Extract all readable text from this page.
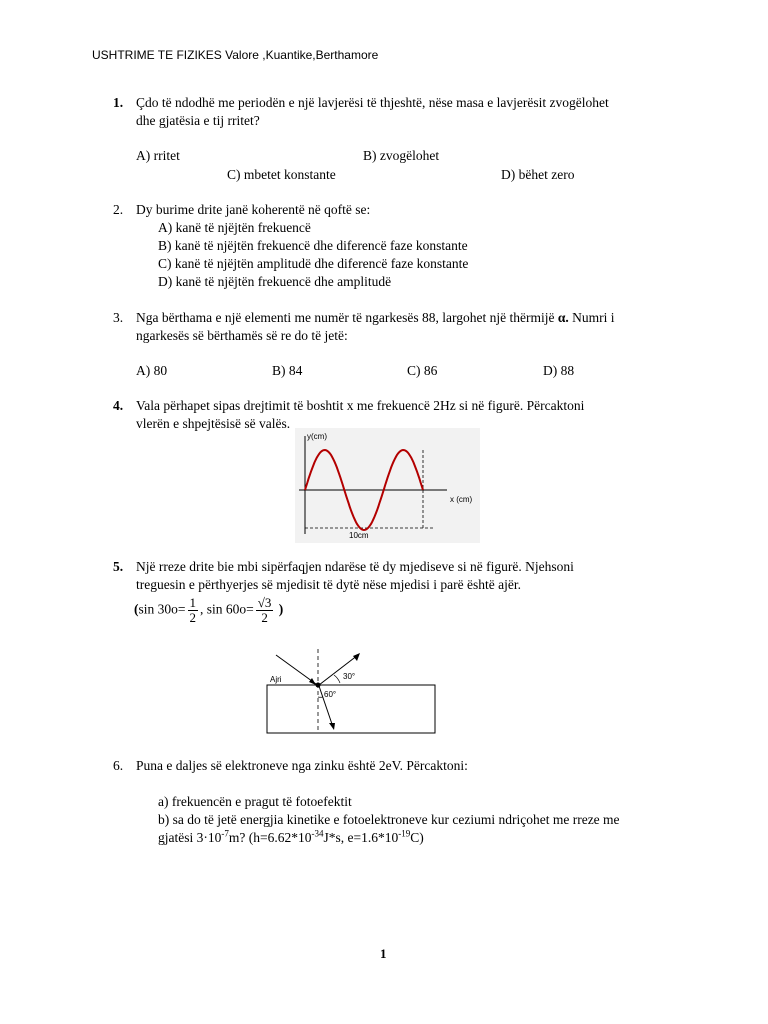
USHTRIME TE FIZIKES Valore ,Kuantike,Berthamore
1. Çdo të ndodhë me periodën e një lavjerësi të thjeshtë, nëse masa e lavjerësit zvogëlohet
dhe gjatësia e tij rritet?
A) rritet	B) zvogëlohet
C) mbetet konstante	D) bëhet zero
2. Dy burime drite janë koherentë në qoftë se:
A) kanë të njëjtën frekuencë
B) kanë të njëjtën frekuencë dhe diferencë faze konstante
C) kanë të njëjtën amplitudë dhe diferencë faze konstante
D) kanë të njëjtën frekuencë dhe amplitudë
3. Nga bërthama e një elementi me numër të ngarkesës 88, largohet një thërmijë α. Numri i
ngarkesës së bërthamës së re do të jetë:
A) 80	B) 84	C) 86	D) 88
4. Vala përhapet sipas drejtimit të boshtit x me frekuencë 2Hz si në figurë. Përcaktoni
vlerën e shpejtësisë së valës.
y(cm)
x (cm)
10cm
5. Një rreze drite bie mbi sipërfaqjen ndarëse të dy mjediseve si në figurë. Njehsoni
treguesin e përthyerjes së mjedisit të dytë nëse mjedisi i parë është ajër.
(sin $30o= \frac{1}{2}$ , $\sin 60o= \frac{√3}{2}$ )
Ajri	30°
60°
6. Puna e daljes së elektroneve nga zinku është 2eV. Përcaktoni:
a) frekuencën e pragut të fotoefektit
b) sa do të jetë energjia kinetike e fotoelektroneve kur ceziumi ndriçohet me rreze me
gjatësi $3\cdot 10^{-7}m$? ($h=6.62*10^{-34}J*s$, $e=1.6*10^{-19}C$)
1
